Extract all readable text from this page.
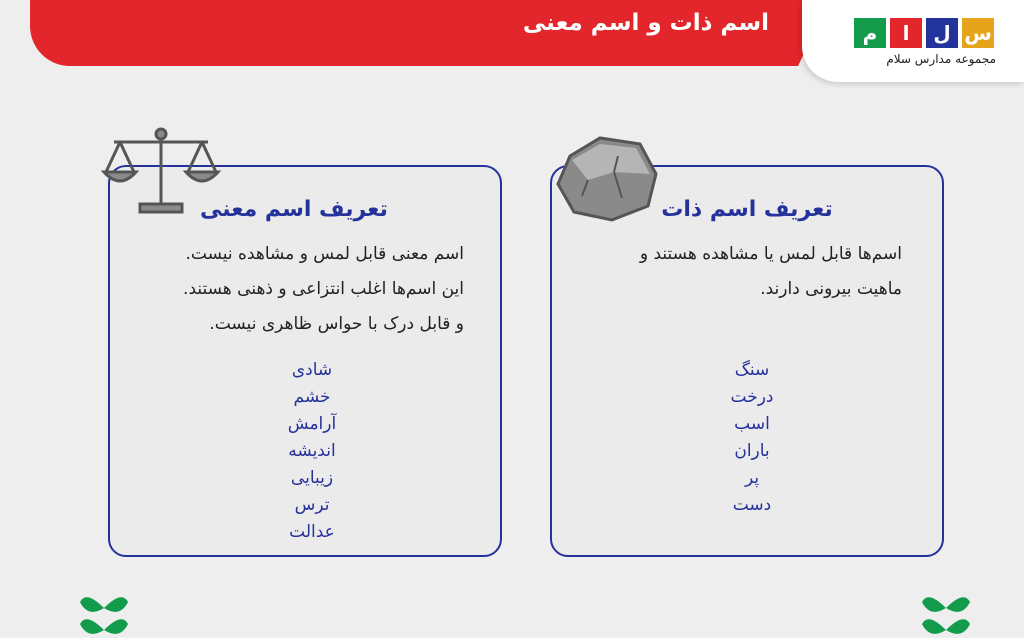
اسم ذات و اسم معنی	س
ل
ا
م
مجموعه مدارس سلام
تعریف اسم ذات
اسم‌ها قابل لمس یا مشاهده هستند و
ماهیت بیرونی دارند.
سنگ
درخت
اسب
باران
پر
دست
تعریف اسم معنی
اسم معنی قابل لمس و مشاهده نیست.
این اسم‌ها اغلب انتزاعی و ذهنی هستند.
و قابل درک با حواس ظاهری نیست.
شادی
خشم
آرامش
اندیشه
زیبایی
ترس
عدالت
